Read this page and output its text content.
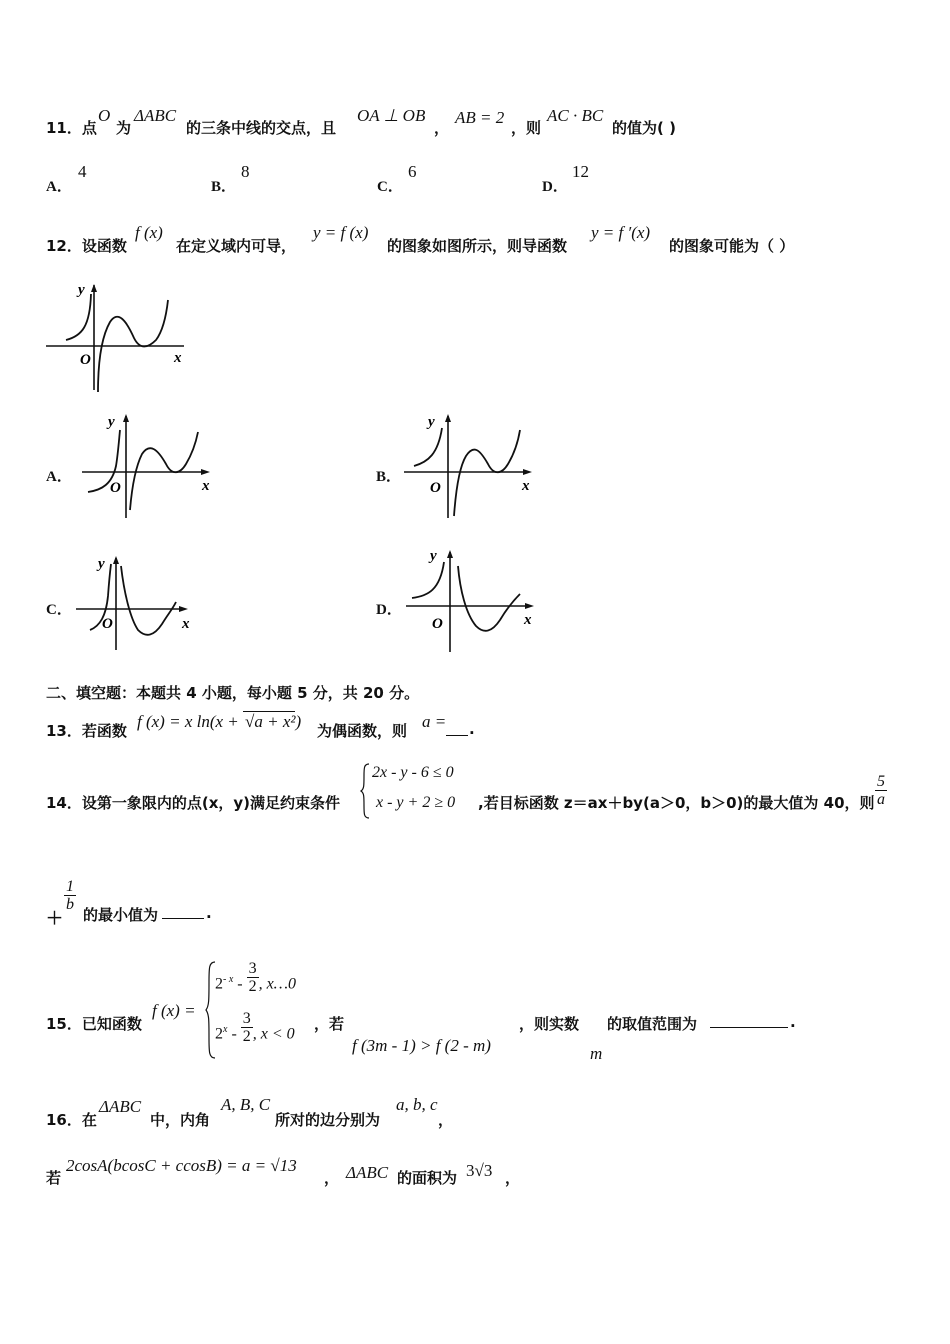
11．点
O
为
ΔABC
的三条中线的交点，且
OA ⊥ OB
，
AB = 2
，则
AC · BC
的值为( )
A．
4
B．
8
C．
6
D．
12
12．设函数
f (x)
在定义域内可导，
y = f (x)
的图象如图所示，则导函数
y = f ′(x)
的图象可能为（ ）
y
O	x
A．
y
O	x
B．
y
O	x
C．
y
O	x
D．
y
O	x
二、填空题：本题共 4 小题，每小题 5 分，共 20 分。
13．若函数 f (x) = x ln(x + √a + x²) 为偶函数，则 a = .
14．设第一象限内的点(x，y)满足约束条件
2x - y - 6 ≤ 0
x - y + 2 ≥ 0 ,若目标函数 z＝ax＋by(a＞0，b＞0)的最大值为 40，则 $\frac{5}{a}$
＋
$\frac{1}{b}$
的最小值为	.
15．已知函数
f (x) =
$2^{- x} - \frac{3}{2}$ , x…0
$2^x - \frac{3}{2}$ , x < 0
，若
f (3m - 1) > f (2 - m)
，则实数
m
的取值范围为	.
16．在
ΔABC
中，内角
A, B, C
所对的边分别为
a, b, c
，
若
2cosA(bcosC + ccosB) = a = √13
， ΔABC 的面积为 3√3 ，
